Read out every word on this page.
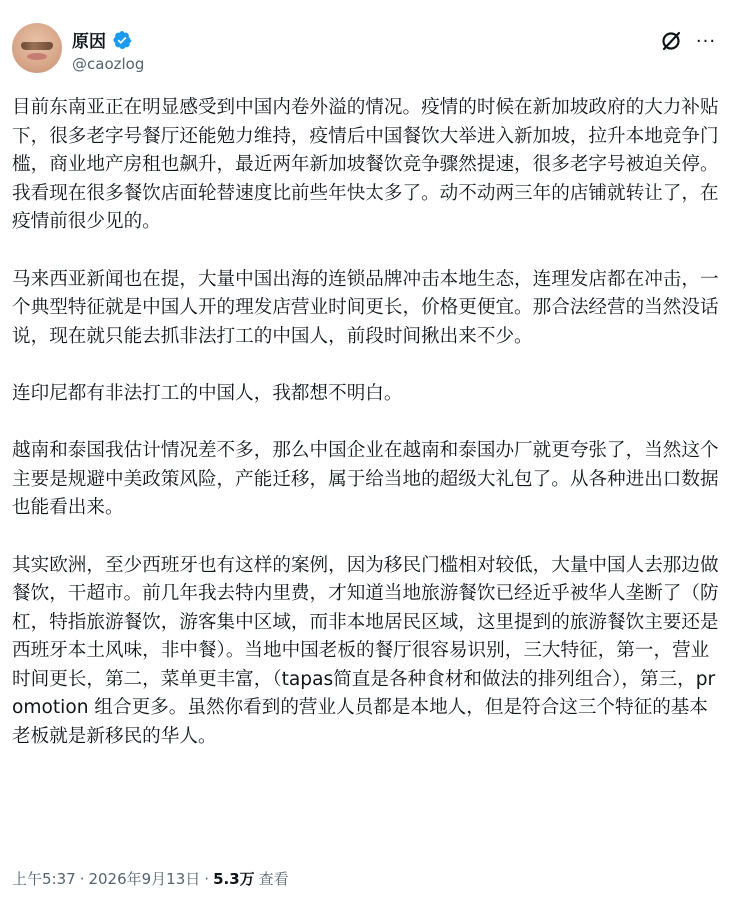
原因
@caozlog
···

目前东南亚正在明显感受到中国内卷外溢的情况。疫情的时候在新加坡政府的大力补贴下，很多老字号餐厅还能勉力维持，疫情后中国餐饮大举进入新加坡，拉升本地竞争门槛，商业地产房租也飙升，最近两年新加坡餐饮竞争骤然提速，很多老字号被迫关停。我看现在很多餐饮店面轮替速度比前些年快太多了。动不动两三年的店铺就转让了，在疫情前很少见的。

马来西亚新闻也在提，大量中国出海的连锁品牌冲击本地生态，连理发店都在冲击，一个典型特征就是中国人开的理发店营业时间更长，价格更便宜。那合法经营的当然没话说，现在就只能去抓非法打工的中国人，前段时间揪出来不少。

连印尼都有非法打工的中国人，我都想不明白。

越南和泰国我估计情况差不多，那么中国企业在越南和泰国办厂就更夸张了，当然这个主要是规避中美政策风险，产能迁移，属于给当地的超级大礼包了。从各种进出口数据也能看出来。

其实欧洲，至少西班牙也有这样的案例，因为移民门槛相对较低，大量中国人去那边做餐饮，干超市。前几年我去特内里费，才知道当地旅游餐饮已经近乎被华人垄断了（防杠，特指旅游餐饮，游客集中区域，而非本地居民区域，这里提到的旅游餐饮主要还是西班牙本土风味，非中餐）。当地中国老板的餐厅很容易识别，三大特征，第一，营业时间更长，第二，菜单更丰富，（tapas简直是各种食材和做法的排列组合），第三，promotion 组合更多。虽然你看到的营业人员都是本地人，但是符合这三个特征的基本老板就是新移民的华人。

上午5:37 · 2026年9月13日 · 5.3万 查看
